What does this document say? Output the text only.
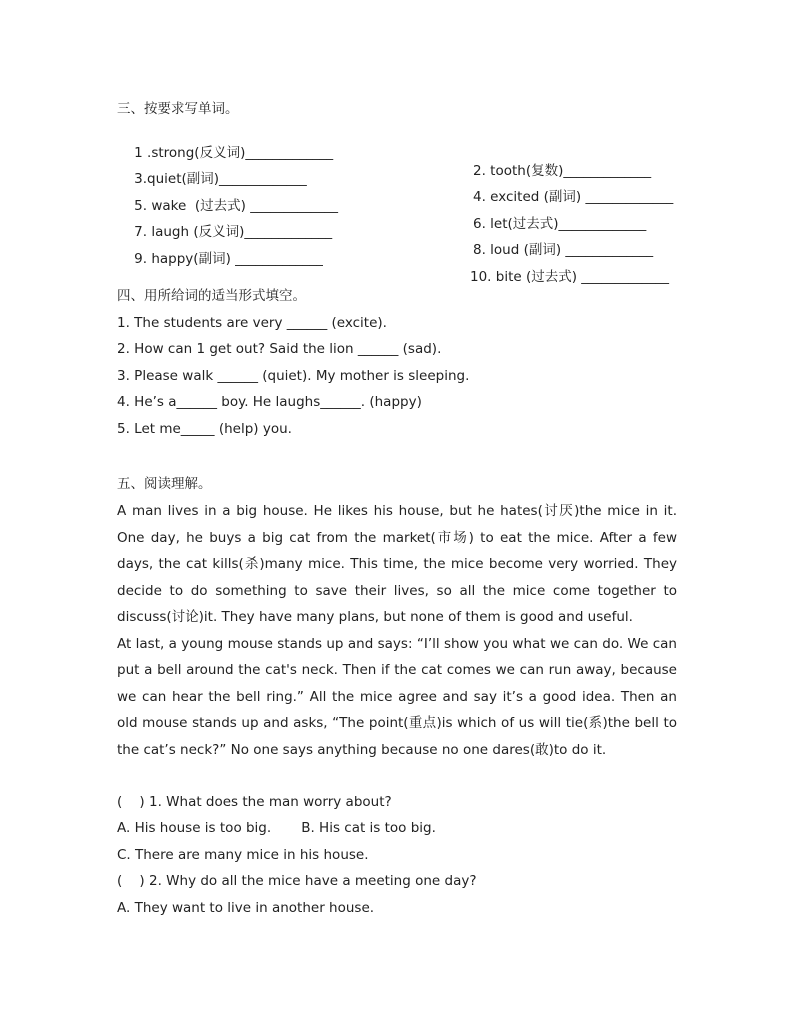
三、按要求写单词。

1 .strong(反义词)_____________

2. tooth(复数)_____________

3.quiet(副词)_____________

4. excited (副词) _____________

5. wake  (过去式) _____________

6. let(过去式)_____________

7. laugh (反义词)_____________

8. loud (副词) _____________

9. happy(副词) _____________

10. bite (过去式) _____________

四、用所给词的适当形式填空。
1. The students are very ______ (excite).
2. How can 1 get out? Said the lion ______ (sad).
3. Please walk ______ (quiet). My mother is sleeping.
4. He’s a______ boy. He laughs______. (happy)
5. Let me_____ (help) you.
五、阅读理解。

A man lives in a big house. He likes his house, but he hates(讨厌)the mice in it. One day, he buys a big cat from the market(市场) to eat the mice. After a few days, the cat kills(杀)many mice. This time, the mice become very worried. They decide to do something to save their lives, so all the mice come together to discuss(讨论)it. They have many plans, but none of them is good and useful.

At last, a young mouse stands up and says: “I’ll show you what we can do. We can put a bell around the cat's neck. Then if the cat comes we can run away, because we can hear the bell ring.” All the mice agree and say it’s a good idea. Then an old mouse stands up and asks, “The point(重点)is which of us will tie(系)the bell to the cat’s neck?” No one says anything because no one dares(敢)to do it.

(    ) 1. What does the man worry about?
A. His house is too big.       B. His cat is too big.
C. There are many mice in his house.
(    ) 2. Why do all the mice have a meeting one day?
A. They want to live in another house.
